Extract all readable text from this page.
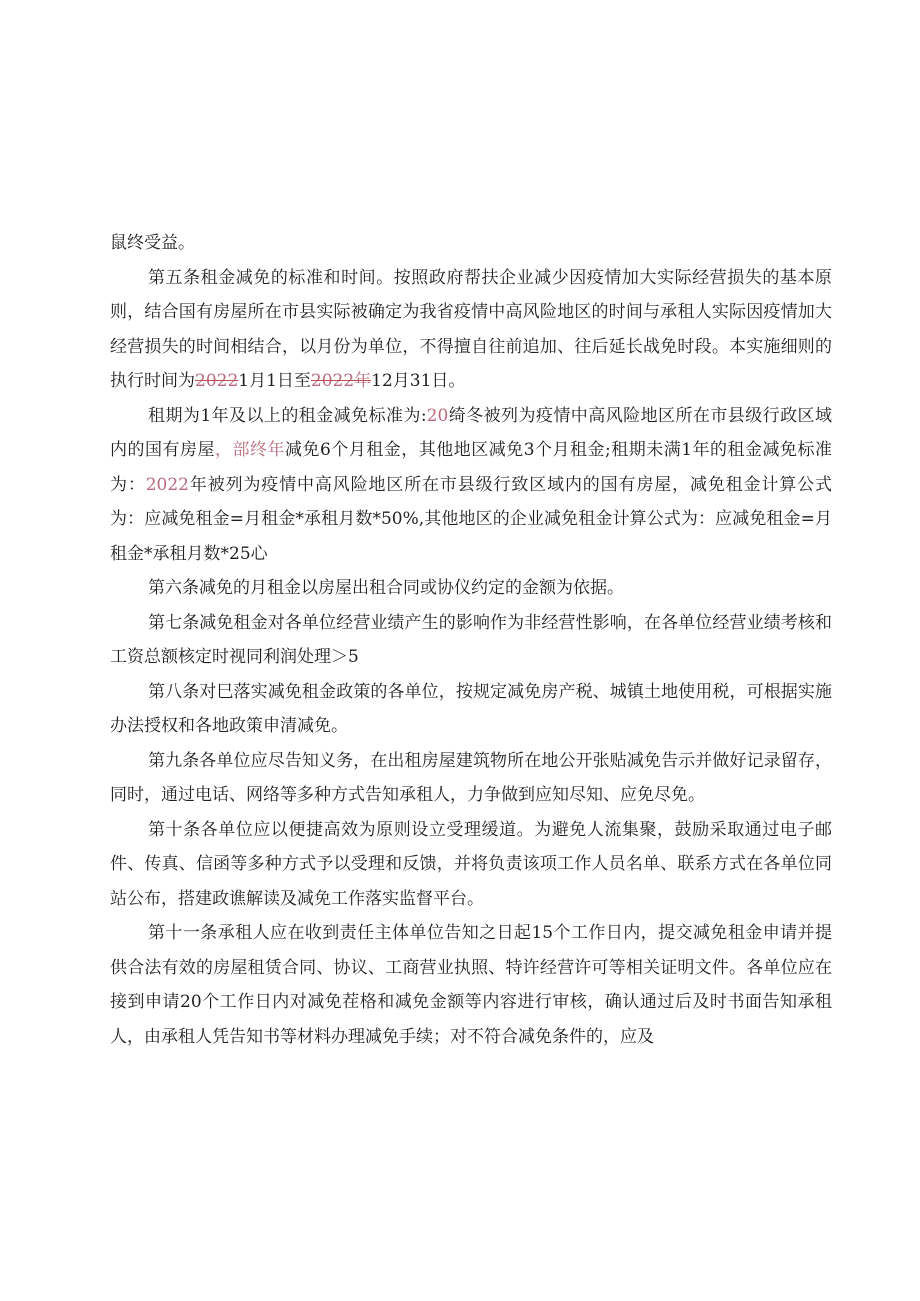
鼠终受益。

第五条租金减免的标准和时间。按照政府帮扶企业减少因疫情加大实际经营损失的基本原则，结合国有房屋所在市县实际被确定为我省疫情中高风险地区的时间与承租人实际因疫情加大经营损失的时间相结合，以月份为单位，不得擅自往前追加、往后延长战免时段。本实施细则的执行时间为20221月1日至2022年12月31日。

租期为1年及以上的租金减免标准为:20绮冬被列为疫情中高风险地区所在市县级行政区域内的国有房屋，部终年减免6个月租金，其他地区减免3个月租金;租期未满1年的租金减免标准为：2022年被列为疫情中高风险地区所在市县级行致区域内的国有房屋，减免租金计算公式为：应减免租金=月租金*承租月数*50%,其他地区的企业减免租金计算公式为：应减免租金=月租金*承租月数*25心

第六条减免的月租金以房屋出租合同或协仪约定的金额为依据。

第七条减免租金对各单位经营业绩产生的影响作为非经营性影响，在各单位经营业绩考核和工资总额核定时视同利润处理＞5

第八条对巳落实减免租金政策的各单位，按规定减免房产税、城镇土地使用税，可根据实施办法授权和各地政策申清减免。

第九条各单位应尽告知义务，在出租房屋建筑物所在地公开张贴减免告示并做好记录留存，同时，通过电话、网络等多种方式告知承租人，力争做到应知尽知、应免尽免。

第十条各单位应以便捷高效为原则设立受理缓道。为避免人流集聚，鼓励采取通过电子邮件、传真、信函等多种方式予以受理和反馈，并将负责该项工作人员名单、联系方式在各单位同站公布，搭建政谯解读及减免工作落实监督平台。

第十一条承租人应在收到责任主体单位告知之日起15个工作日内，提交减免租金申请并提供合法有效的房屋租赁合同、协议、工商营业执照、特许经营许可等相关证明文件。各单位应在接到申请20个工作日内对减免茬格和减免金额等内容进行审核，确认通过后及时书面告知承租人，由承租人凭告知书等材料办理减免手续；对不符合减免条件的，应及
